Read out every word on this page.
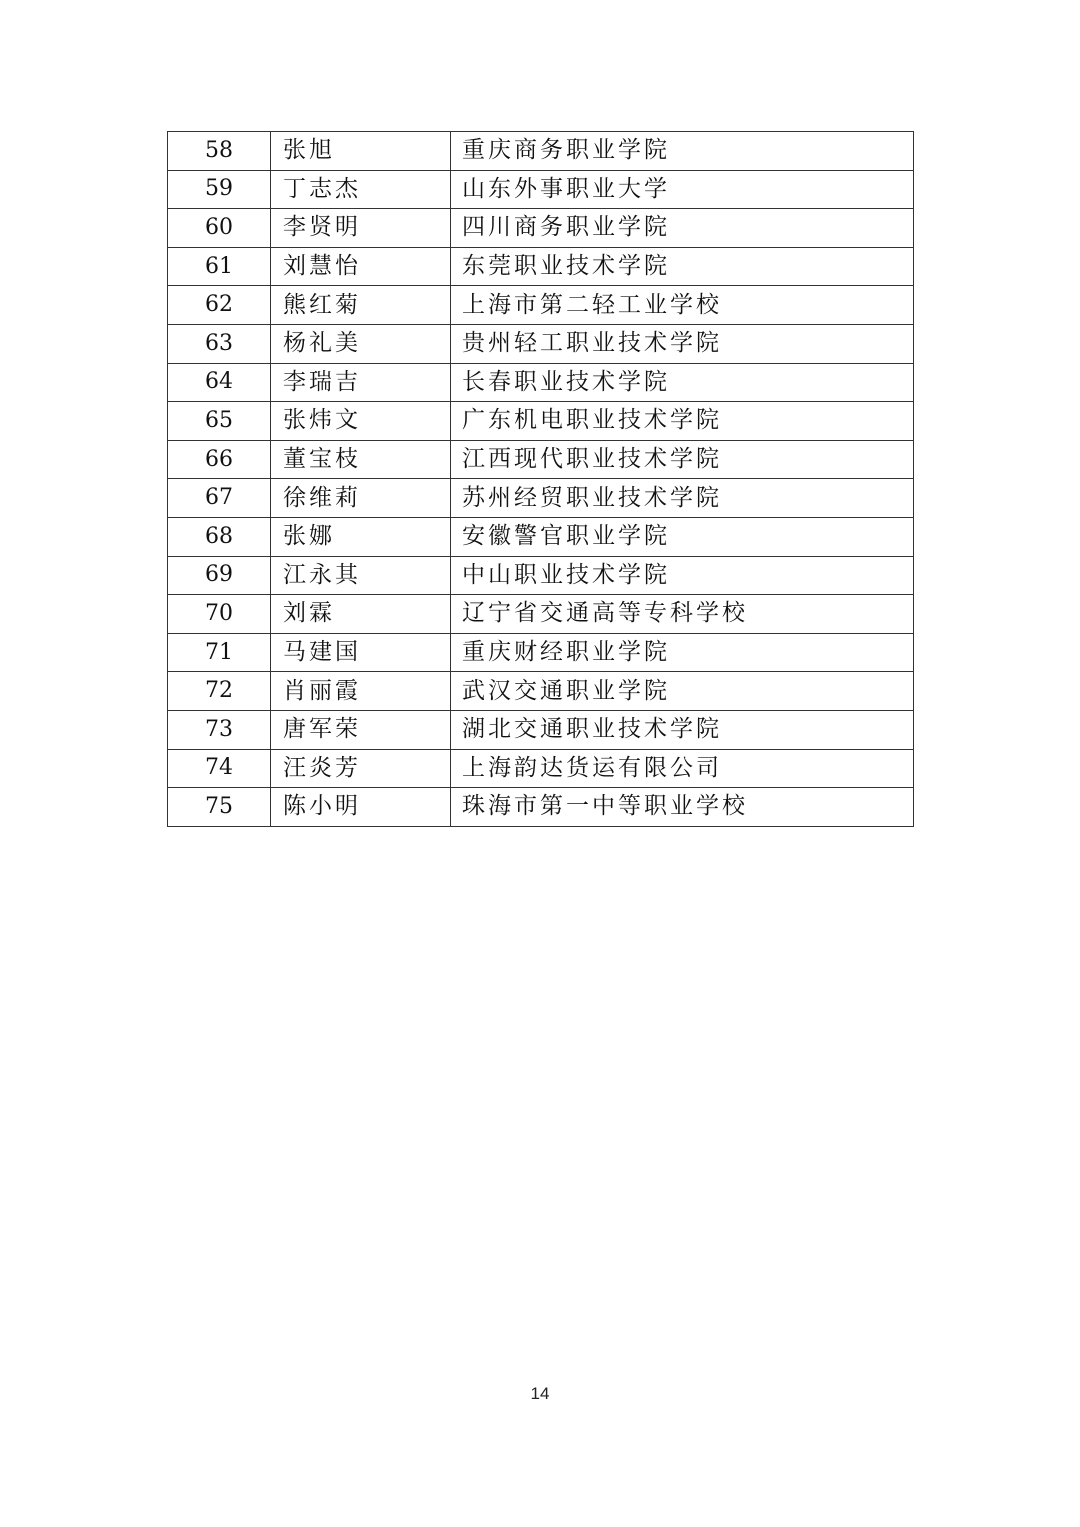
58	张旭	重庆商务职业学院
59	丁志杰	山东外事职业大学
60	李贤明	四川商务职业学院
61	刘慧怡	东莞职业技术学院
62	熊红菊	上海市第二轻工业学校
63	杨礼美	贵州轻工职业技术学院
64	李瑞吉	长春职业技术学院
65	张炜文	广东机电职业技术学院
66	董宝枝	江西现代职业技术学院
67	徐维莉	苏州经贸职业技术学院
68	张娜	安徽警官职业学院
69	江永其	中山职业技术学院
70	刘霖	辽宁省交通高等专科学校
71	马建国	重庆财经职业学院
72	肖丽霞	武汉交通职业学院
73	唐军荣	湖北交通职业技术学院
74	汪炎芳	上海韵达货运有限公司
75	陈小明	珠海市第一中等职业学校
14
